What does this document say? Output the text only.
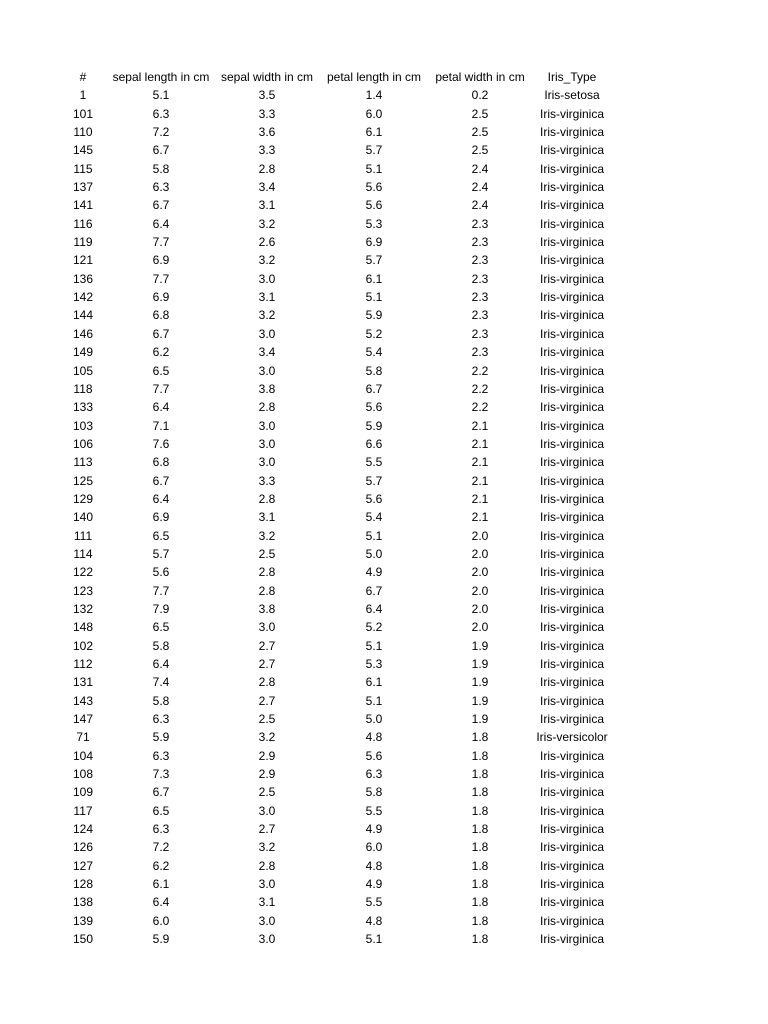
#	sepal length in cm	sepal width in cm	petal length in cm	petal width in cm	Iris_Type
1	5.1	3.5	1.4	0.2	Iris-setosa
101	6.3	3.3	6.0	2.5	Iris-virginica
110	7.2	3.6	6.1	2.5	Iris-virginica
145	6.7	3.3	5.7	2.5	Iris-virginica
115	5.8	2.8	5.1	2.4	Iris-virginica
137	6.3	3.4	5.6	2.4	Iris-virginica
141	6.7	3.1	5.6	2.4	Iris-virginica
116	6.4	3.2	5.3	2.3	Iris-virginica
119	7.7	2.6	6.9	2.3	Iris-virginica
121	6.9	3.2	5.7	2.3	Iris-virginica
136	7.7	3.0	6.1	2.3	Iris-virginica
142	6.9	3.1	5.1	2.3	Iris-virginica
144	6.8	3.2	5.9	2.3	Iris-virginica
146	6.7	3.0	5.2	2.3	Iris-virginica
149	6.2	3.4	5.4	2.3	Iris-virginica
105	6.5	3.0	5.8	2.2	Iris-virginica
118	7.7	3.8	6.7	2.2	Iris-virginica
133	6.4	2.8	5.6	2.2	Iris-virginica
103	7.1	3.0	5.9	2.1	Iris-virginica
106	7.6	3.0	6.6	2.1	Iris-virginica
113	6.8	3.0	5.5	2.1	Iris-virginica
125	6.7	3.3	5.7	2.1	Iris-virginica
129	6.4	2.8	5.6	2.1	Iris-virginica
140	6.9	3.1	5.4	2.1	Iris-virginica
111	6.5	3.2	5.1	2.0	Iris-virginica
114	5.7	2.5	5.0	2.0	Iris-virginica
122	5.6	2.8	4.9	2.0	Iris-virginica
123	7.7	2.8	6.7	2.0	Iris-virginica
132	7.9	3.8	6.4	2.0	Iris-virginica
148	6.5	3.0	5.2	2.0	Iris-virginica
102	5.8	2.7	5.1	1.9	Iris-virginica
112	6.4	2.7	5.3	1.9	Iris-virginica
131	7.4	2.8	6.1	1.9	Iris-virginica
143	5.8	2.7	5.1	1.9	Iris-virginica
147	6.3	2.5	5.0	1.9	Iris-virginica
71	5.9	3.2	4.8	1.8	Iris-versicolor
104	6.3	2.9	5.6	1.8	Iris-virginica
108	7.3	2.9	6.3	1.8	Iris-virginica
109	6.7	2.5	5.8	1.8	Iris-virginica
117	6.5	3.0	5.5	1.8	Iris-virginica
124	6.3	2.7	4.9	1.8	Iris-virginica
126	7.2	3.2	6.0	1.8	Iris-virginica
127	6.2	2.8	4.8	1.8	Iris-virginica
128	6.1	3.0	4.9	1.8	Iris-virginica
138	6.4	3.1	5.5	1.8	Iris-virginica
139	6.0	3.0	4.8	1.8	Iris-virginica
150	5.9	3.0	5.1	1.8	Iris-virginica
